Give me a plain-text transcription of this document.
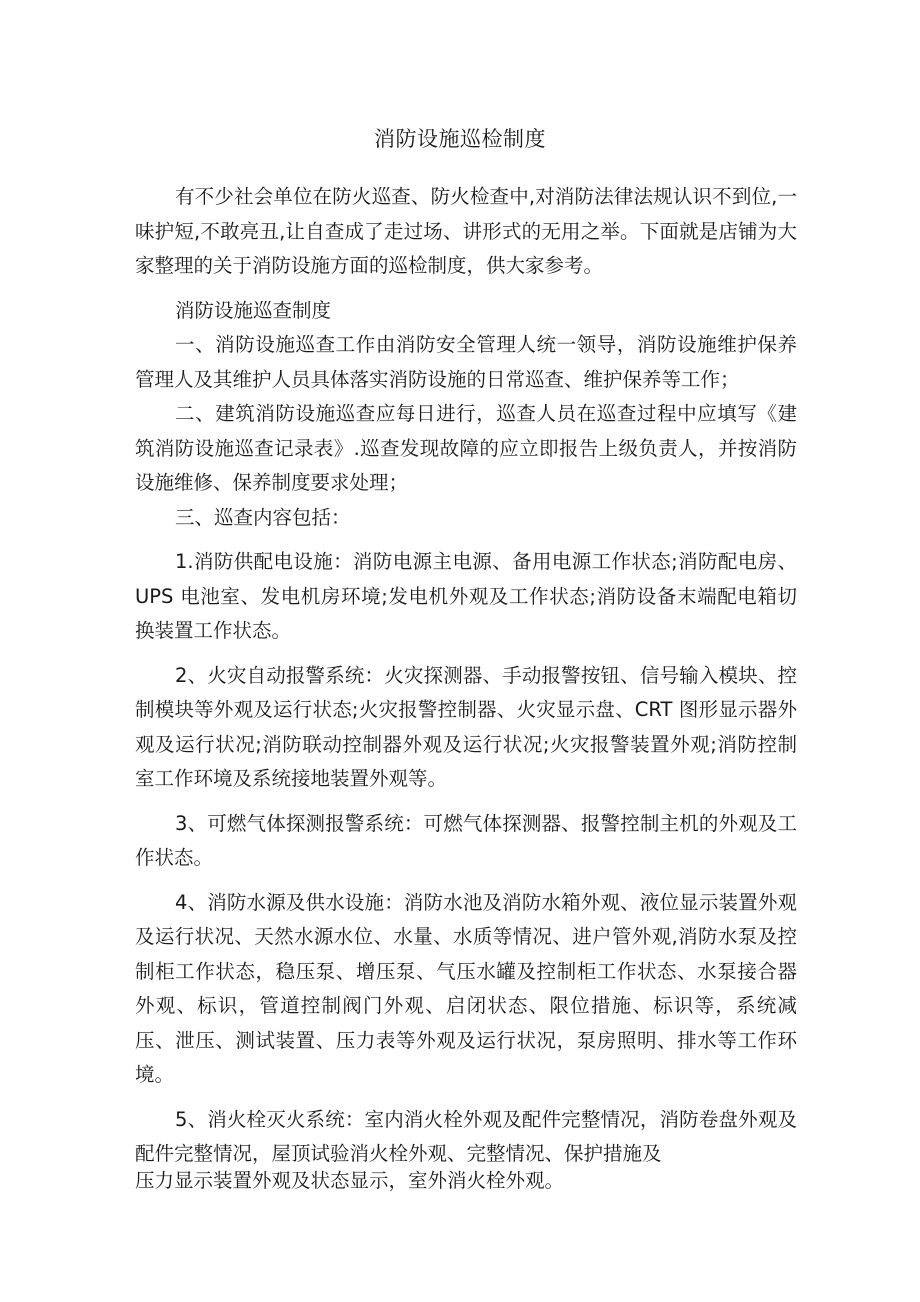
消防设施巡检制度

有不少社会单位在防火巡查、防火检查中,对消防法律法规认识不到位,一味护短,不敢亮丑,让自查成了走过场、讲形式的无用之举。下面就是店铺为大家整理的关于消防设施方面的巡检制度，供大家参考。

消防设施巡查制度

一、消防设施巡查工作由消防安全管理人统一领导，消防设施维护保养管理人及其维护人员具体落实消防设施的日常巡查、维护保养等工作；

二、建筑消防设施巡查应每日进行，巡查人员在巡查过程中应填写《建筑消防设施巡查记录表》.巡查发现故障的应立即报告上级负责人，并按消防设施维修、保养制度要求处理；

三、巡查内容包括：

1.消防供配电设施：消防电源主电源、备用电源工作状态;消防配电房、UPS 电池室、发电机房环境;发电机外观及工作状态;消防设备末端配电箱切换装置工作状态。

2、火灾自动报警系统：火灾探测器、手动报警按钮、信号输入模块、控制模块等外观及运行状态;火灾报警控制器、火灾显示盘、CRT 图形显示器外观及运行状况;消防联动控制器外观及运行状况;火灾报警装置外观;消防控制室工作环境及系统接地装置外观等。

3、可燃气体探测报警系统：可燃气体探测器、报警控制主机的外观及工作状态。

4、消防水源及供水设施：消防水池及消防水箱外观、液位显示装置外观及运行状况、天然水源水位、水量、水质等情况、进户管外观,消防水泵及控制柜工作状态，稳压泵、增压泵、气压水罐及控制柜工作状态、水泵接合器外观、标识，管道控制阀门外观、启闭状态、限位措施、标识等，系统减压、泄压、测试装置、压力表等外观及运行状况，泵房照明、排水等工作环境。

5、消火栓灭火系统：室内消火栓外观及配件完整情况，消防卷盘外观及配件完整情况，屋顶试验消火栓外观、完整情况、保护措施及

压力显示装置外观及状态显示，室外消火栓外观。
